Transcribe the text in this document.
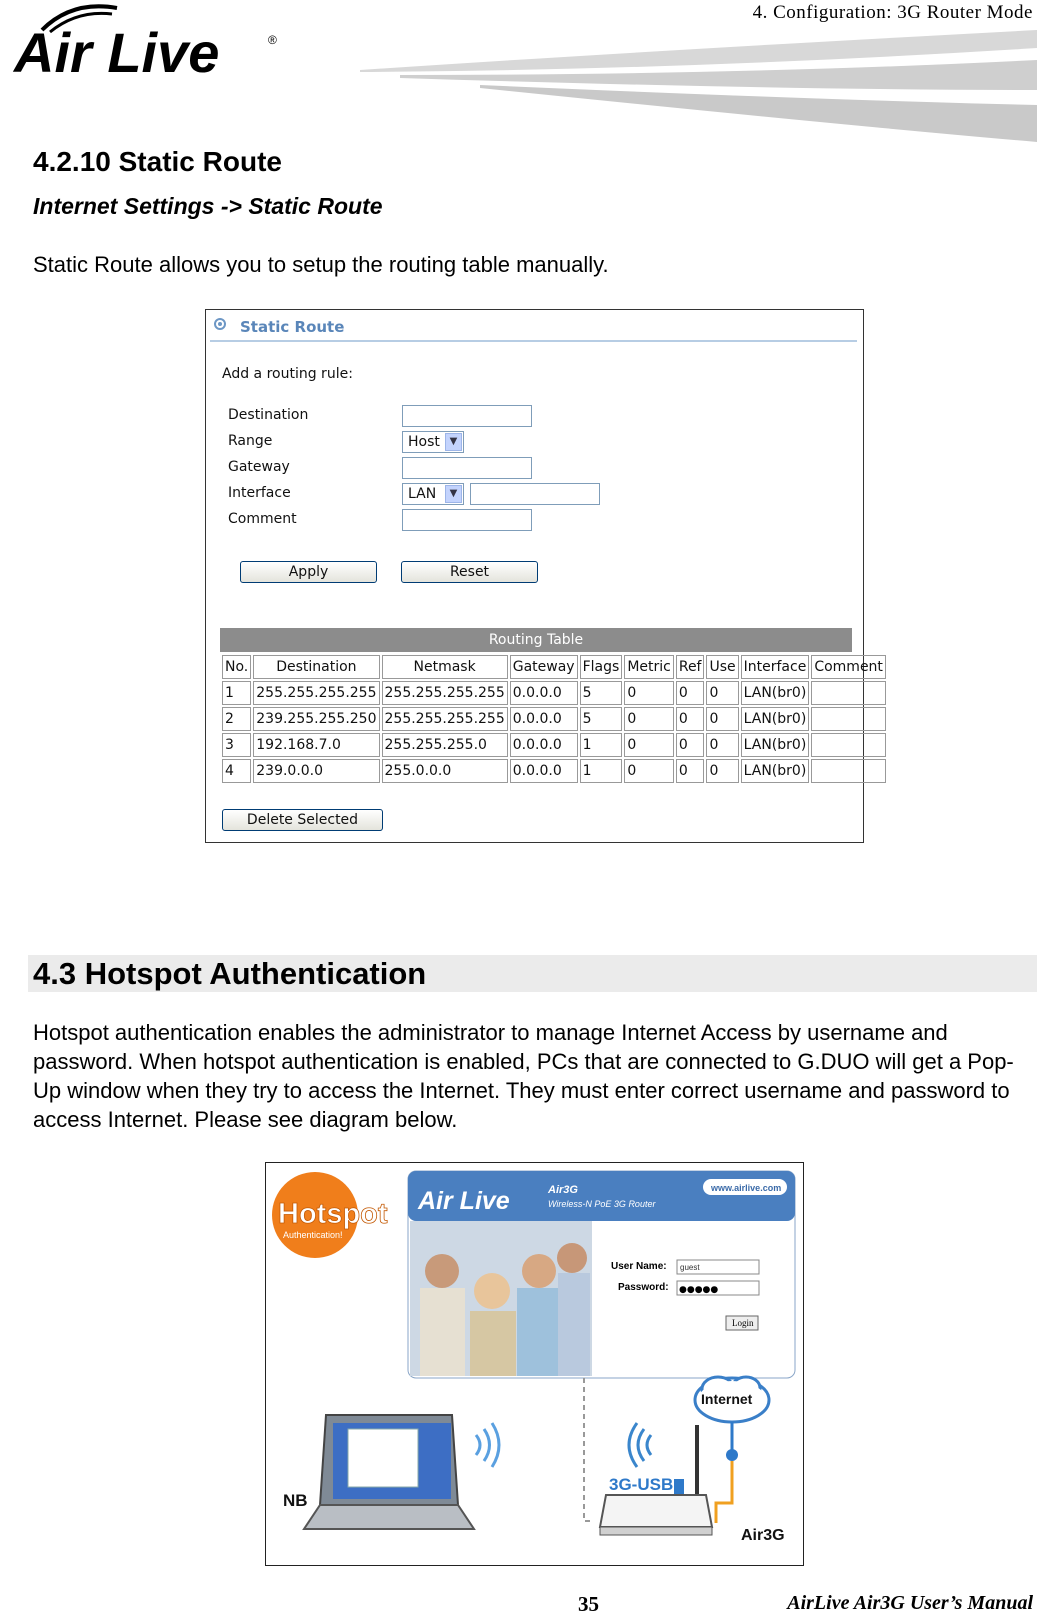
4. Configuration: 3G Router Mode
Air Live	®
4.2.10 Static Route
Internet Settings -> Static Route
Static Route allows you to setup the routing table manually.
Static Route
Add a routing rule:
Destination
Range	Host ▼
Gateway
Interface	LAN	▼
Comment
Apply	Reset
Routing Table
No.	Destination	Netmask	Gateway	Flags	Metric	Ref	Use	Interface	Comment
1	255.255.255.255	255.255.255.255	0.0.0.0	5	0	0	0	LAN(br0)	
2	239.255.255.250	255.255.255.255	0.0.0.0	5	0	0	0	LAN(br0)	
3	192.168.7.0	255.255.255.0	0.0.0.0	1	0	0	0	LAN(br0)	
4	239.0.0.0	255.0.0.0	0.0.0.0	1	0	0	0	LAN(br0)	
Delete Selected
4.3 Hotspot Authentication
Hotspot authentication enables the administrator to manage Internet Access by username and password. When hotspot authentication is enabled, PCs that are connected to G.DUO will get a Pop-Up window when they try to access the Internet. They must enter correct username and password to access Internet. Please see diagram below.
Hotspot
Authentication!
Air Live	Air3G
Wireless-N PoE 3G Router
www.airlive.com
User Name: guest
Password: ●●●●●
Login
Internet
3G-USB
Air3G
NB
35	AirLive Air3G User’s Manual
